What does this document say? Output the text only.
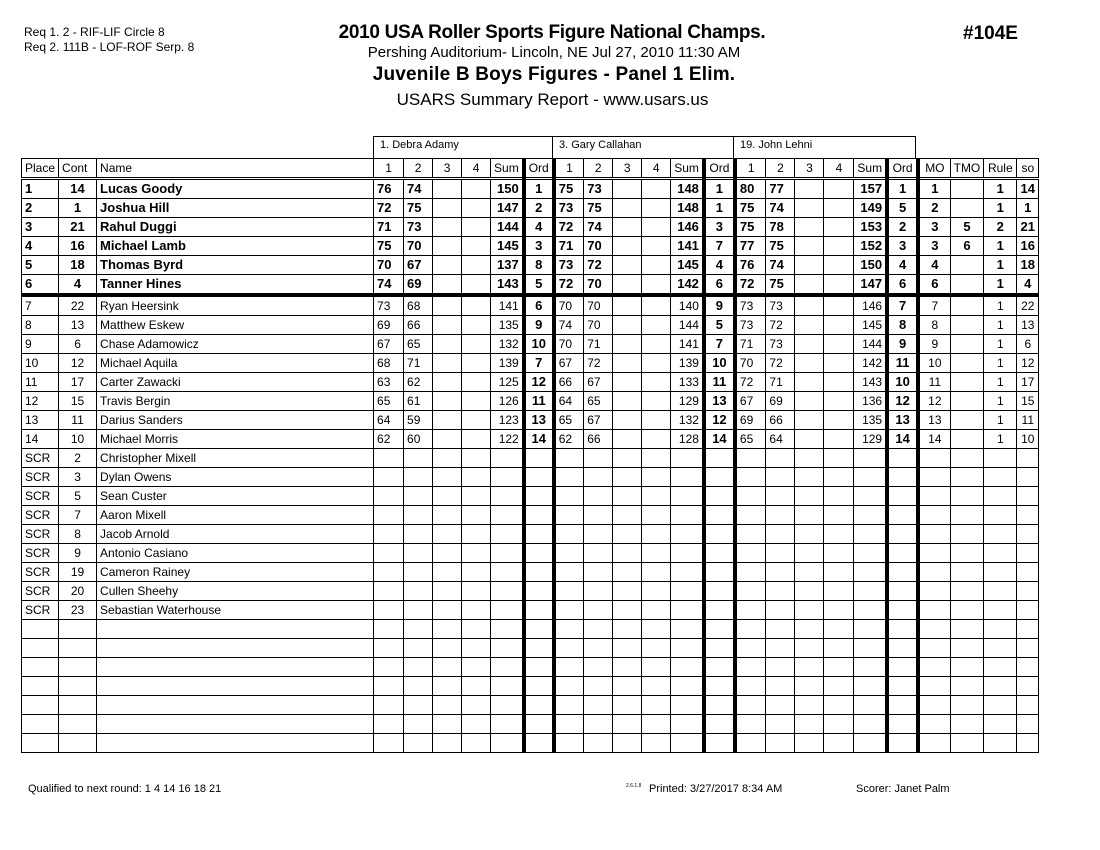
Req 1. 2 - RIF-LIF Circle 8
Req 2. 111B - LOF-ROF Serp. 8
2010 USA Roller Sports Figure National Champs.
Pershing Auditorium- Lincoln, NE Jul 27, 2010 11:30 AM
Juvenile B Boys Figures - Panel 1 Elim.
USARS Summary Report - www.usars.us
#104E
1. Debra Adamy	3. Gary Callahan	19. John Lehni
Place	Cont	Name	1	2	3	4	Sum	Ord	1	2	3	4	Sum	Ord	1	2	3	4	Sum	Ord	MO	TMO	Rule	so
1	14	Lucas Goody	76	74			150	1	75	73			148	1	80	77			157	1	1		1	14
2	1	Joshua Hill	72	75			147	2	73	75			148	1	75	74			149	5	2		1	1
3	21	Rahul Duggi	71	73			144	4	72	74			146	3	75	78			153	2	3	5	2	21
4	16	Michael Lamb	75	70			145	3	71	70			141	7	77	75			152	3	3	6	1	16
5	18	Thomas Byrd	70	67			137	8	73	72			145	4	76	74			150	4	4		1	18
6	4	Tanner Hines	74	69			143	5	72	70			142	6	72	75			147	6	6		1	4
7	22	Ryan Heersink	73	68			141	6	70	70			140	9	73	73			146	7	7		1	22
8	13	Matthew Eskew	69	66			135	9	74	70			144	5	73	72			145	8	8		1	13
9	6	Chase Adamowicz	67	65			132	10	70	71			141	7	71	73			144	9	9		1	6
10	12	Michael Aquila	68	71			139	7	67	72			139	10	70	72			142	11	10		1	12
11	17	Carter Zawacki	63	62			125	12	66	67			133	11	72	71			143	10	11		1	17
12	15	Travis Bergin	65	61			126	11	64	65			129	13	67	69			136	12	12		1	15
13	11	Darius Sanders	64	59			123	13	65	67			132	12	69	66			135	13	13		1	11
14	10	Michael Morris	62	60			122	14	62	66			128	14	65	64			129	14	14		1	10
SCR	2	Christopher Mixell																						
SCR	3	Dylan Owens																						
SCR	5	Sean Custer																						
SCR	7	Aaron Mixell																						
SCR	8	Jacob Arnold																						
SCR	9	Antonio Casiano																						
SCR	19	Cameron Rainey																						
SCR	20	Cullen Sheehy																						
SCR	23	Sebastian Waterhouse																						

Qualified to next round: 1 4 14 16 18 21	2.6.1.8 Printed: 3/27/2017 8:34 AM	Scorer: Janet Palm
